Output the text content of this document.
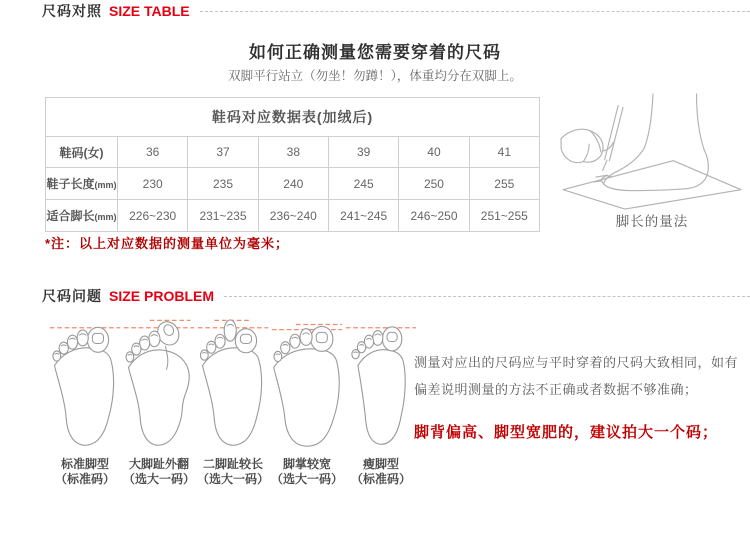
尺码对照 SIZE TABLE
如何正确测量您需要穿着的尺码
双脚平行站立（勿坐！勿蹲！），体重均分在双脚上。
鞋码对应数据表(加绒后)						
鞋码(女)	36	37	38	39	40	41
鞋子长度(mm)	230	235	240	245	250	255
适合脚长(mm)	226~230	231~235	236~240	241~245	246~250	251~255
*注：以上对应数据的测量单位为毫米；
脚长的量法
尺码问题 SIZE PROBLEM
标准脚型
（标准码）
大脚趾外翻
（选大一码）
二脚趾较长
（选大一码）
脚掌较宽
（选大一码）
瘦脚型
（标准码）

测量对应出的尺码应与平时穿着的尺码大致相同，如有偏差说明测量的方法不正确或者数据不够准确；

脚背偏高、脚型宽肥的，建议拍大一个码；
